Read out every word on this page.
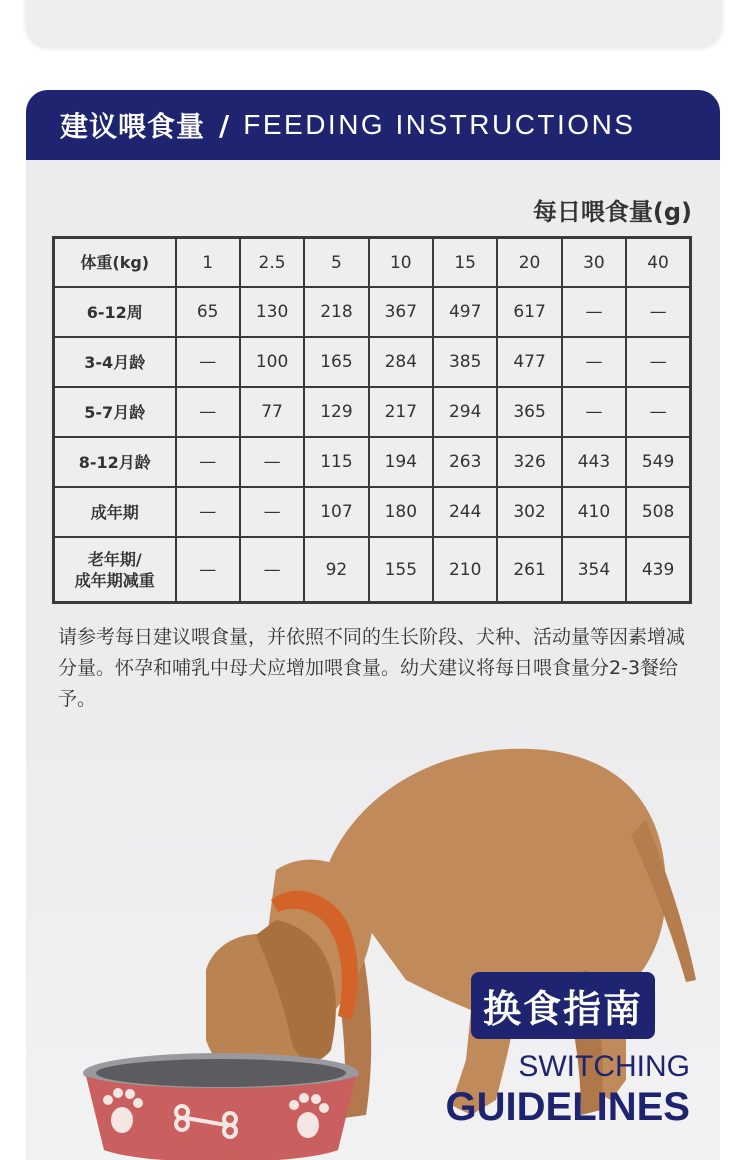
建议喂食量 / FEEDING INSTRUCTIONS
每日喂食量(g)
体重(kg)	1	2.5	5	10	15	20	30	40
6-12周	65	130	218	367	497	617	—	—
3-4月龄	—	100	165	284	385	477	—	—
5-7月龄	—	77	129	217	294	365	—	—
8-12月龄	—	—	115	194	263	326	443	549
成年期	—	—	107	180	244	302	410	508

老年期/
成年期减重	—	—	92	155	210	261	354	439
请参考每日建议喂食量，并依照不同的生长阶段、犬种、活动量等因素增减分量。怀孕和哺乳中母犬应增加喂食量。幼犬建议将每日喂食量分2-3餐给予。
换食指南
SWITCHING
GUIDELINES
